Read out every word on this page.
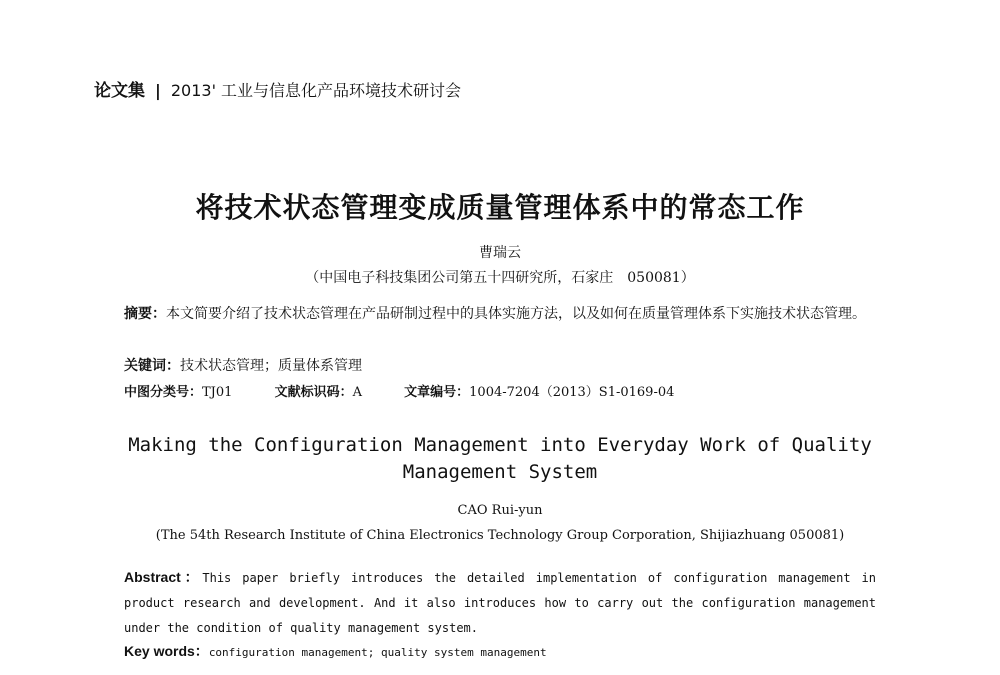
论文集 | 2013' 工业与信息化产品环境技术研讨会
将技术状态管理变成质量管理体系中的常态工作
曹瑞云
（中国电子科技集团公司第五十四研究所，石家庄　050081）
摘要：本文简要介绍了技术状态管理在产品研制过程中的具体实施方法，以及如何在质量管理体系下实施技术状态管理。
关键词：技术状态管理；质量体系管理
中图分类号：TJ01	文献标识码：A	文章编号：1004-7204（2013）S1-0169-04
Making the Configuration Management into Everyday Work of Quality
Management System
CAO Rui-yun
(The 54th Research Institute of China Electronics Technology Group Corporation, Shijiazhuang 050081)
Abstract：This paper briefly introduces the detailed implementation of configuration management in product research and development. And it also introduces how to carry out the configuration management under the condition of quality management system.
Key words：configuration management; quality system management
